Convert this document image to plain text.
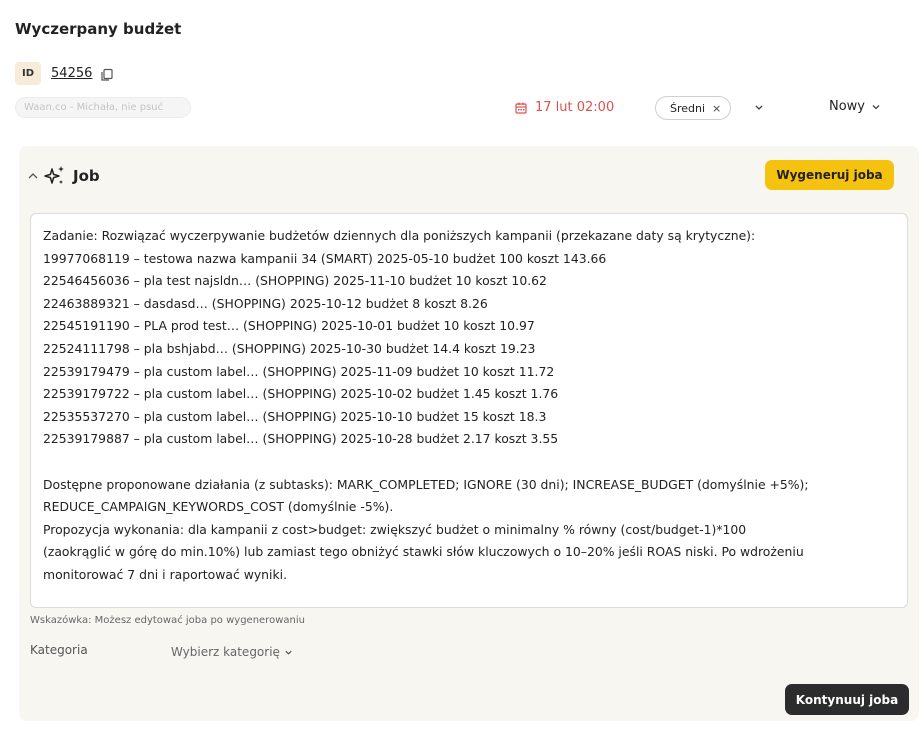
Wyczerpany budżet
ID	54256
Waan.co - Michała, nie psuć	17 lut 02:00	Średni ×	Nowy
Job	Wygeneruj joba
Zadanie: Rozwiązać wyczerpywanie budżetów dziennych dla poniższych kampanii (przekazane daty są krytyczne):
19977068119 – testowa nazwa kampanii 34 (SMART) 2025-05-10 budżet 100 koszt 143.66
22546456036 – pla test najsldn… (SHOPPING) 2025-11-10 budżet 10 koszt 10.62
22463889321 – dasdasd… (SHOPPING) 2025-10-12 budżet 8 koszt 8.26
22545191190 – PLA prod test… (SHOPPING) 2025-10-01 budżet 10 koszt 10.97
22524111798 – pla bshjabd… (SHOPPING) 2025-10-30 budżet 14.4 koszt 19.23
22539179479 – pla custom label… (SHOPPING) 2025-11-09 budżet 10 koszt 11.72
22539179722 – pla custom label… (SHOPPING) 2025-10-02 budżet 1.45 koszt 1.76
22535537270 – pla custom label… (SHOPPING) 2025-10-10 budżet 15 koszt 18.3
22539179887 – pla custom label… (SHOPPING) 2025-10-28 budżet 2.17 koszt 3.55

Dostępne proponowane działania (z subtasks): MARK_COMPLETED; IGNORE (30 dni); INCREASE_BUDGET (domyślnie +5%);
REDUCE_CAMPAIGN_KEYWORDS_COST (domyślnie -5%).
Propozycja wykonania: dla kampanii z cost>budget: zwiększyć budżet o minimalny % równy (cost/budget-1)*100
(zaokrąglić w górę do min.10%) lub zamiast tego obniżyć stawki słów kluczowych o 10–20% jeśli ROAS niski. Po wdrożeniu
monitorować 7 dni i raportować wyniki.
Wskazówka: Możesz edytować joba po wygenerowaniu
Kategoria	Wybierz kategorię
Kontynuuj joba
